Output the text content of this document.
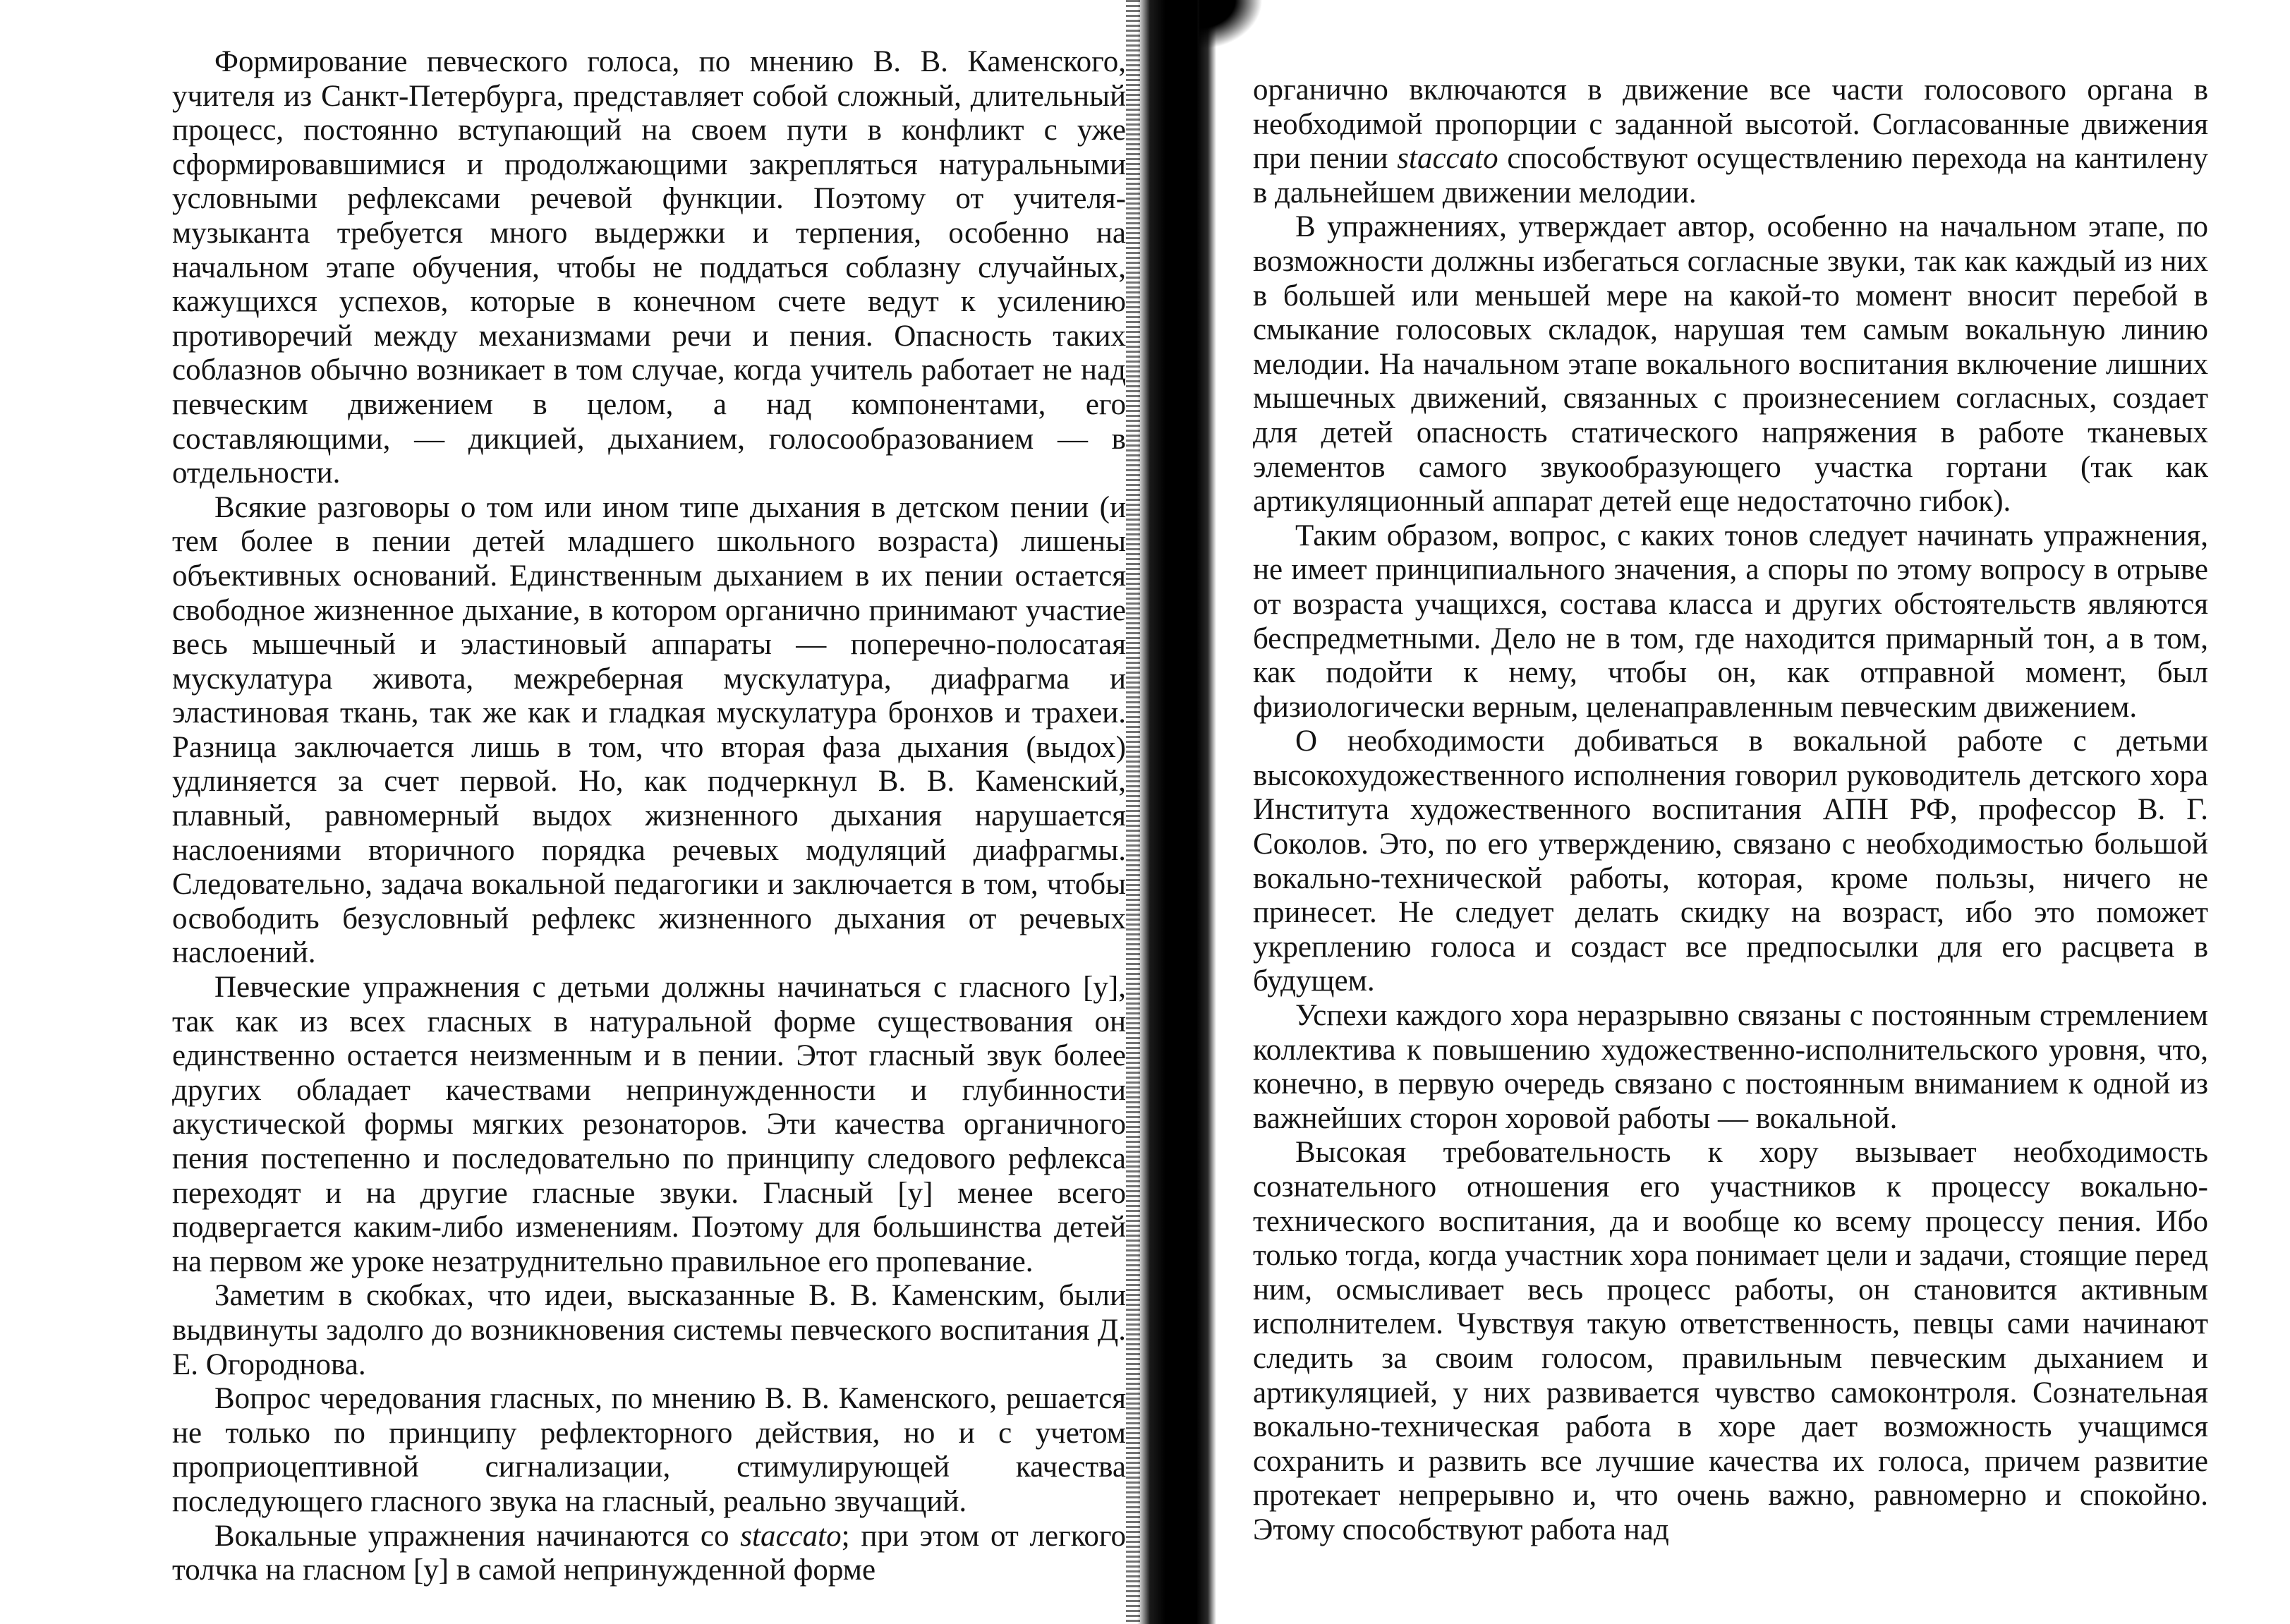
Формирование певческого голоса, по мнению В. В. Каменского, учителя из Санкт-Петербурга, представляет собой сложный, длительный процесс, постоянно вступающий на своем пути в конфликт с уже сформировавшимися и продолжающими закрепляться натуральными условными рефлексами речевой функции. Поэтому от учителя-музыканта требуется много выдержки и терпения, особенно на начальном этапе обучения, чтобы не поддаться соблазну случайных, кажущихся успехов, которые в конечном счете ведут к усилению противоречий между механизмами речи и пения. Опасность таких соблазнов обычно возникает в том случае, когда учитель работает не над певческим движением в целом, а над компонентами, его составляющими, — дикцией, дыханием, голосообразованием — в отдельности.

Всякие разговоры о том или ином типе дыхания в детском пении (и тем более в пении детей младшего школьного возраста) лишены объективных оснований. Единственным дыханием в их пении остается свободное жизненное дыхание, в котором органично принимают участие весь мышечный и эластиновый аппараты — поперечно-полосатая мускулатура живота, межреберная мускулатура, диафрагма и эластиновая ткань, так же как и гладкая мускулатура бронхов и трахеи. Разница заключается лишь в том, что вторая фаза дыхания (выдох) удлиняется за счет первой. Но, как подчеркнул В. В. Каменский, плавный, равномерный выдох жизненного дыхания нарушается наслоениями вторичного порядка речевых модуляций диафрагмы. Следовательно, задача вокальной педагогики и заключается в том, чтобы освободить безусловный рефлекс жизненного дыхания от речевых наслоений.

Певческие упражнения с детьми должны начинаться с гласного [у], так как из всех гласных в натуральной форме существования он единственно остается неизменным и в пении. Этот гласный звук более других обладает качествами непринужденности и глубинности акустической формы мягких резонаторов. Эти качества органичного пения постепенно и последовательно по принципу следового рефлекса переходят и на другие гласные звуки. Гласный [у] менее всего подвергается каким-либо изменениям. Поэтому для большинства детей на первом же уроке незатруднительно правильное его пропевание.

Заметим в скобках, что идеи, высказанные В. В. Каменским, были выдвинуты задолго до возникновения системы певческого воспитания Д. Е. Огороднова.

Вопрос чередования гласных, по мнению В. В. Каменского, решается не только по принципу рефлекторного действия, но и с учетом проприоцептивной сигнализации, стимулирующей качества последующего гласного звука на гласный, реально звучащий.

Вокальные упражнения начинаются со staccato; при этом от легкого толчка на гласном [у] в самой непринужденной форме

органично включаются в движение все части голосового органа в необходимой пропорции с заданной высотой. Согласованные движения при пении staccato способствуют осуществлению перехода на кантилену в дальнейшем движении мелодии.

В упражнениях, утверждает автор, особенно на начальном этапе, по возможности должны избегаться согласные звуки, так как каждый из них в большей или меньшей мере на какой-то момент вносит перебой в смыкание голосовых складок, нарушая тем самым вокальную линию мелодии. На начальном этапе вокального воспитания включение лишних мышечных движений, связанных с произнесением согласных, создает для детей опасность статического напряжения в работе тканевых элементов самого звукообразующего участка гортани (так как артикуляционный аппарат детей еще недостаточно гибок).

Таким образом, вопрос, с каких тонов следует начинать упражнения, не имеет принципиального значения, а споры по этому вопросу в отрыве от возраста учащихся, состава класса и других обстоятельств являются беспредметными. Дело не в том, где находится примарный тон, а в том, как подойти к нему, чтобы он, как отправной момент, был физиологически верным, целенаправленным певческим движением.

О необходимости добиваться в вокальной работе с детьми высокохудожественного исполнения говорил руководитель детского хора Института художественного воспитания АПН РФ, профессор В. Г. Соколов. Это, по его утверждению, связано с необходимостью большой вокально-технической работы, которая, кроме пользы, ничего не принесет. Не следует делать скидку на возраст, ибо это поможет укреплению голоса и создаст все предпосылки для его расцвета в будущем.

Успехи каждого хора неразрывно связаны с постоянным стремлением коллектива к повышению художественно-исполнительского уровня, что, конечно, в первую очередь связано с постоянным вниманием к одной из важнейших сторон хоровой работы — вокальной.

Высокая требовательность к хору вызывает необходимость сознательного отношения его участников к процессу вокально-технического воспитания, да и вообще ко всему процессу пения. Ибо только тогда, когда участник хора понимает цели и задачи, стоящие перед ним, осмысливает весь процесс работы, он становится активным исполнителем. Чувствуя такую ответственность, певцы сами начинают следить за своим голосом, правильным певческим дыханием и артикуляцией, у них развивается чувство самоконтроля. Сознательная вокально-техническая работа в хоре дает возможность учащимся сохранить и развить все лучшие качества их голоса, причем развитие протекает непрерывно и, что очень важно, равномерно и спокойно. Этому способствуют работа над
